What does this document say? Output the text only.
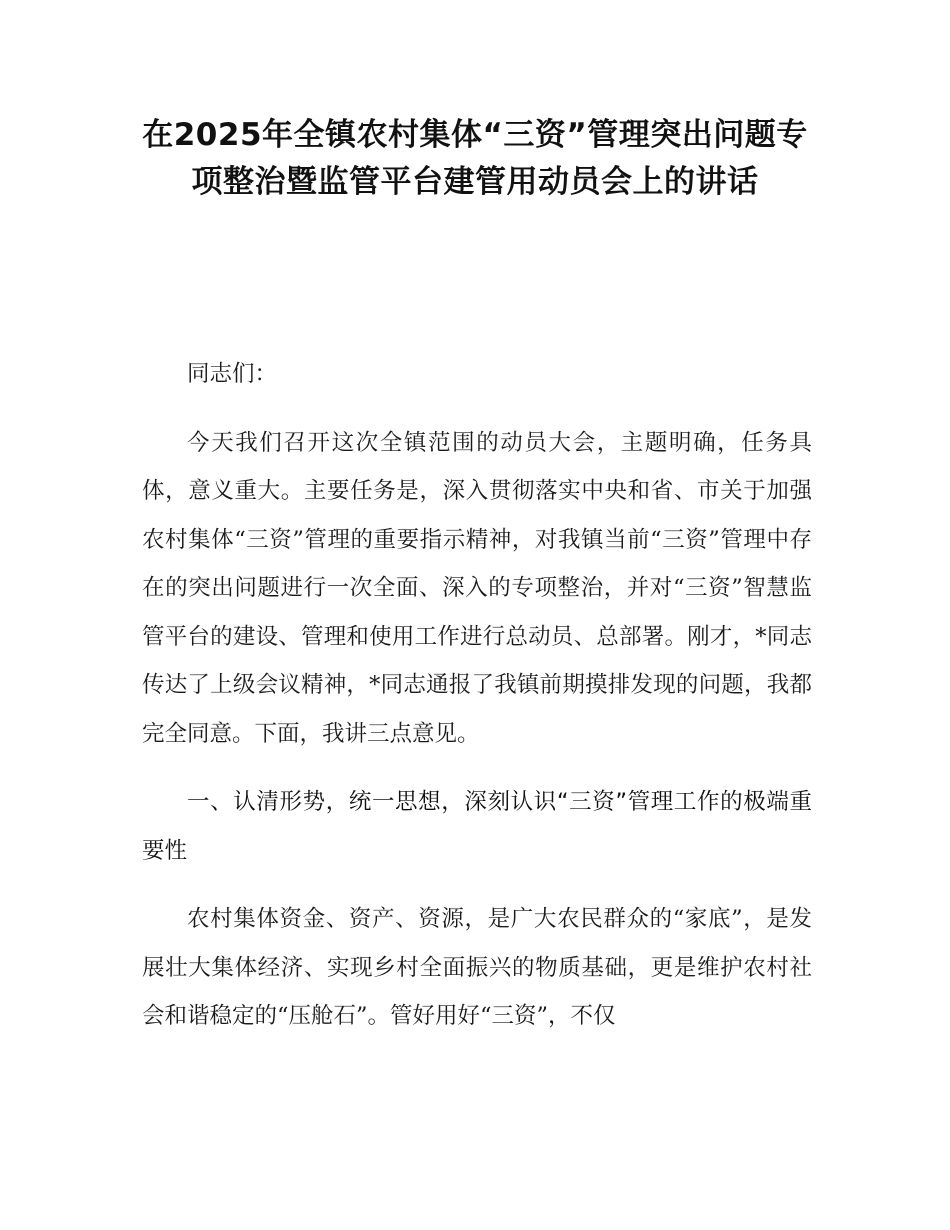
在2025年全镇农村集体“三资”管理突出问题专项整治暨监管平台建管用动员会上的讲话

同志们：

今天我们召开这次全镇范围的动员大会，主题明确，任务具体，意义重大。主要任务是，深入贯彻落实中央和省、市关于加强农村集体“三资”管理的重要指示精神，对我镇当前“三资”管理中存在的突出问题进行一次全面、深入的专项整治，并对“三资”智慧监管平台的建设、管理和使用工作进行总动员、总部署。刚才，*同志传达了上级会议精神，*同志通报了我镇前期摸排发现的问题，我都完全同意。下面，我讲三点意见。

一、认清形势，统一思想，深刻认识“三资”管理工作的极端重要性

农村集体资金、资产、资源，是广大农民群众的“家底”，是发展壮大集体经济、实现乡村全面振兴的物质基础，更是维护农村社会和谐稳定的“压舱石”。管好用好“三资”，不仅
